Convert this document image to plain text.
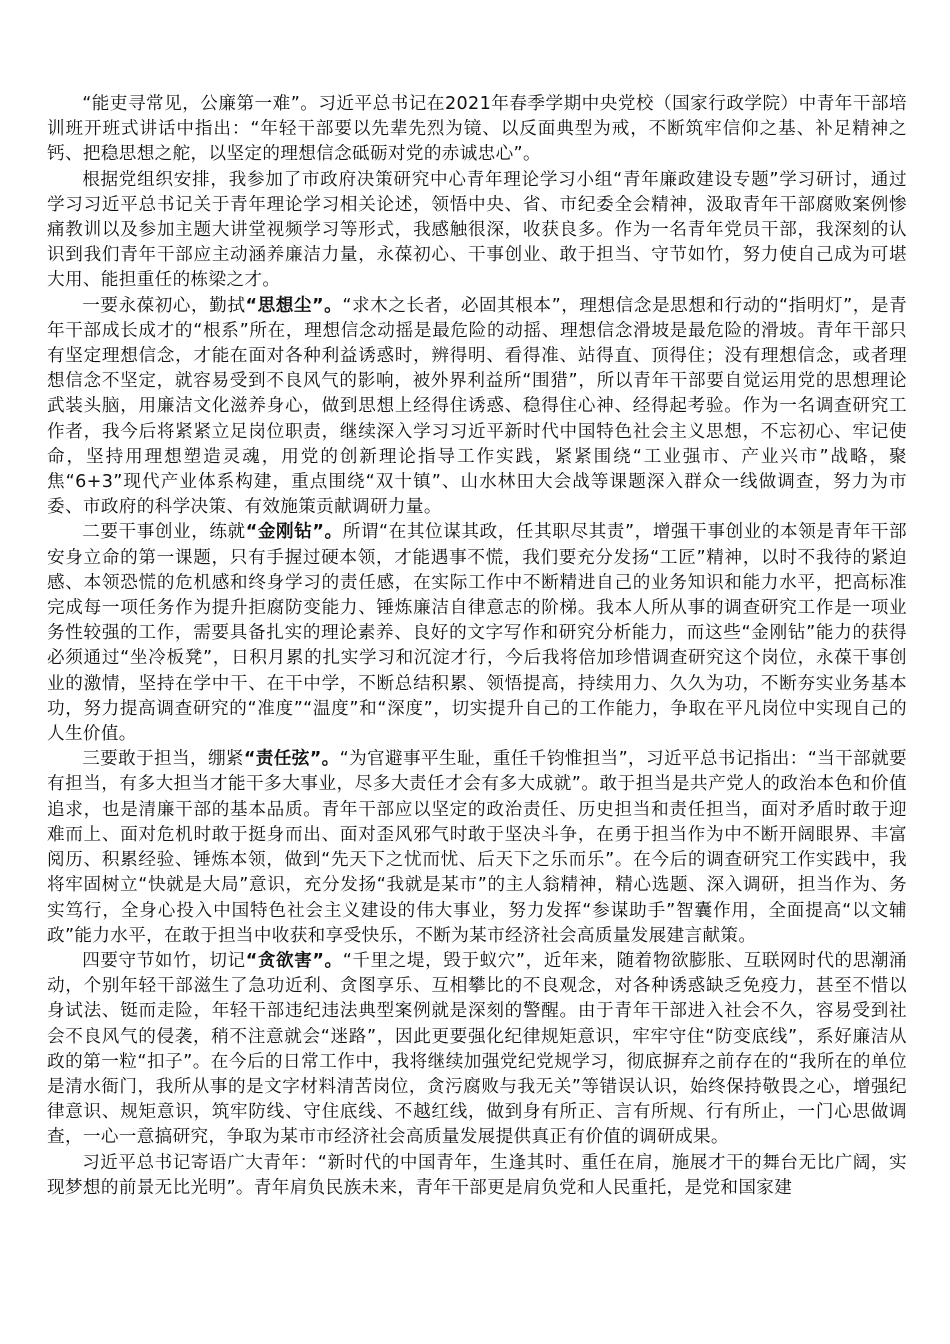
“能吏寻常见，公廉第一难”。习近平总书记在2021年春季学期中央党校（国家行政学院）中青年干部培训班开班式讲话中指出：“年轻干部要以先辈先烈为镜、以反面典型为戒，不断筑牢信仰之基、补足精神之钙、把稳思想之舵，以坚定的理想信念砥砺对党的赤诚忠心”。

根据党组织安排，我参加了市政府决策研究中心青年理论学习小组“青年廉政建设专题”学习研讨，通过学习习近平总书记关于青年理论学习相关论述，领悟中央、省、市纪委全会精神，汲取青年干部腐败案例惨痛教训以及参加主题大讲堂视频学习等形式，我感触很深，收获良多。作为一名青年党员干部，我深刻的认识到我们青年干部应主动涵养廉洁力量，永葆初心、干事创业、敢于担当、守节如竹，努力使自己成为可堪大用、能担重任的栋梁之才。

一要永葆初心，勤拭“思想尘”。“求木之长者，必固其根本”，理想信念是思想和行动的“指明灯”，是青年干部成长成才的“根系”所在，理想信念动摇是最危险的动摇、理想信念滑坡是最危险的滑坡。青年干部只有坚定理想信念，才能在面对各种利益诱惑时，辨得明、看得准、站得直、顶得住；没有理想信念，或者理想信念不坚定，就容易受到不良风气的影响，被外界利益所“围猎”，所以青年干部要自觉运用党的思想理论武装头脑，用廉洁文化滋养身心，做到思想上经得住诱惑、稳得住心神、经得起考验。作为一名调查研究工作者，我今后将紧紧立足岗位职责，继续深入学习习近平新时代中国特色社会主义思想，不忘初心、牢记使命，坚持用理想塑造灵魂，用党的创新理论指导工作实践，紧紧围绕“工业强市、产业兴市”战略，聚焦“6+3”现代产业体系构建，重点围绕“双十镇”、山水林田大会战等课题深入群众一线做调查，努力为市委、市政府的科学决策、有效施策贡献调研力量。

二要干事创业，练就“金刚钻”。所谓“在其位谋其政，任其职尽其责”，增强干事创业的本领是青年干部安身立命的第一课题，只有手握过硬本领，才能遇事不慌，我们要充分发扬“工匠”精神，以时不我待的紧迫感、本领恐慌的危机感和终身学习的责任感，在实际工作中不断精进自己的业务知识和能力水平，把高标准完成每一项任务作为提升拒腐防变能力、锤炼廉洁自律意志的阶梯。我本人所从事的调查研究工作是一项业务性较强的工作，需要具备扎实的理论素养、良好的文字写作和研究分析能力，而这些“金刚钻”能力的获得必须通过“坐冷板凳”，日积月累的扎实学习和沉淀才行，今后我将倍加珍惜调查研究这个岗位，永葆干事创业的激情，坚持在学中干、在干中学，不断总结积累、领悟提高，持续用力、久久为功，不断夯实业务基本功，努力提高调查研究的“准度”“温度”和“深度”，切实提升自己的工作能力，争取在平凡岗位中实现自己的人生价值。

三要敢于担当，绷紧“责任弦”。“为官避事平生耻，重任千钧惟担当”，习近平总书记指出：“当干部就要有担当，有多大担当才能干多大事业，尽多大责任才会有多大成就”。敢于担当是共产党人的政治本色和价值追求，也是清廉干部的基本品质。青年干部应以坚定的政治责任、历史担当和责任担当，面对矛盾时敢于迎难而上、面对危机时敢于挺身而出、面对歪风邪气时敢于坚决斗争，在勇于担当作为中不断开阔眼界、丰富阅历、积累经验、锤炼本领，做到“先天下之忧而忧、后天下之乐而乐”。在今后的调查研究工作实践中，我将牢固树立“快就是大局”意识，充分发扬“我就是某市”的主人翁精神，精心选题、深入调研，担当作为、务实笃行，全身心投入中国特色社会主义建设的伟大事业，努力发挥“参谋助手”智囊作用，全面提高“以文辅政”能力水平，在敢于担当中收获和享受快乐，不断为某市经济社会高质量发展建言献策。

四要守节如竹，切记“贪欲害”。“千里之堤，毁于蚁穴”，近年来，随着物欲膨胀、互联网时代的思潮涌动，个别年轻干部滋生了急功近利、贪图享乐、互相攀比的不良观念，对各种诱惑缺乏免疫力，甚至不惜以身试法、铤而走险，年轻干部违纪违法典型案例就是深刻的警醒。由于青年干部进入社会不久，容易受到社会不良风气的侵袭，稍不注意就会“迷路”，因此更要强化纪律规矩意识，牢牢守住“防变底线”，系好廉洁从政的第一粒“扣子”。在今后的日常工作中，我将继续加强党纪党规学习，彻底摒弃之前存在的“我所在的单位是清水衙门，我所从事的是文字材料清苦岗位，贪污腐败与我无关”等错误认识，始终保持敬畏之心，增强纪律意识、规矩意识，筑牢防线、守住底线、不越红线，做到身有所正、言有所规、行有所止，一门心思做调查，一心一意搞研究，争取为某市市经济社会高质量发展提供真正有价值的调研成果。

习近平总书记寄语广大青年：“新时代的中国青年，生逢其时、重任在肩，施展才干的舞台无比广阔，实现梦想的前景无比光明”。青年肩负民族未来，青年干部更是肩负党和人民重托，是党和国家建
